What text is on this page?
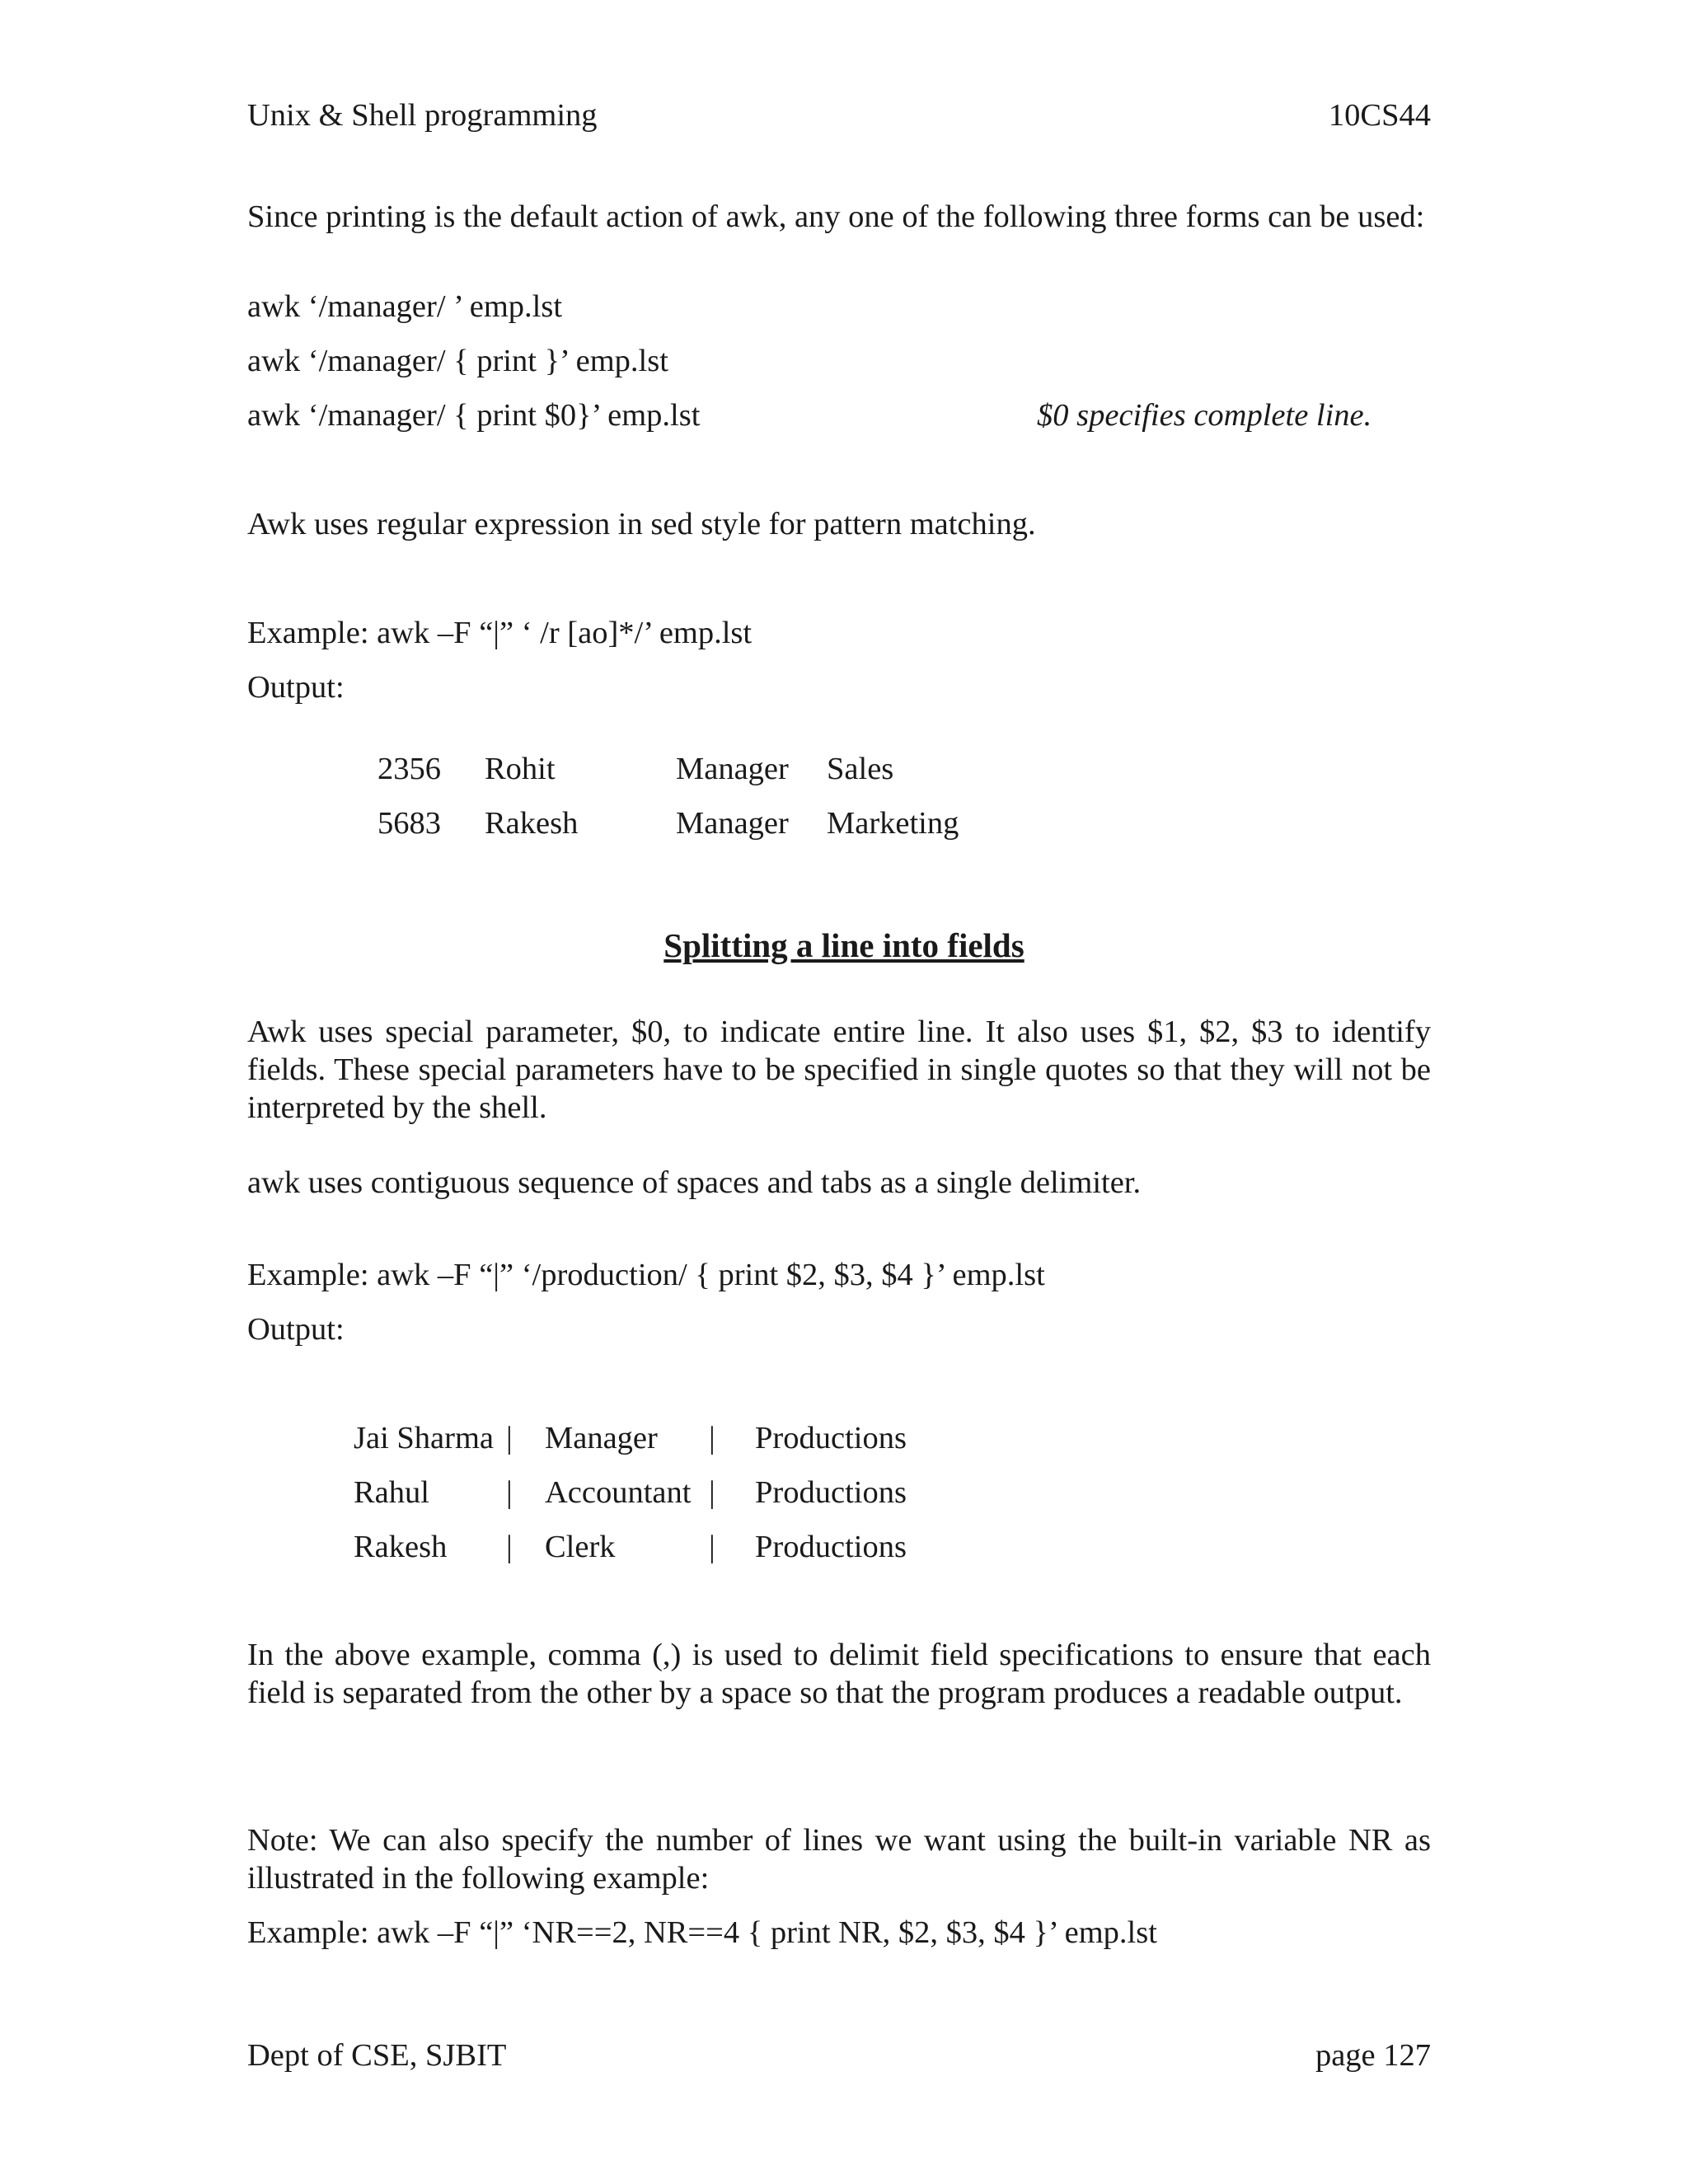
Unix & Shell programming	10CS44
Since printing is the default action of awk, any one of the following three forms can be used:
awk ‘/manager/ ’ emp.lst
awk ‘/manager/ { print }’ emp.lst
awk ‘/manager/ { print $0}’ emp.lst	$0 specifies complete line.
Awk uses regular expression in sed style for pattern matching.
Example: awk –F “|” ‘ /r [ao]*/’ emp.lst
Output:
2356 Rohit	Manager Sales
5683 Rakesh	Manager Marketing
Splitting a line into fields
Awk uses special parameter, $0, to indicate entire line. It also uses $1, $2, $3 to identify fields. These special parameters have to be specified in single quotes so that they will not be interpreted by the shell.
awk uses contiguous sequence of spaces and tabs as a single delimiter.
Example: awk –F “|” ‘/production/ { print $2, $3, $4 }’ emp.lst
Output:
Jai Sharma | Manager | Productions
Rahul | Accountant | Productions
Rakesh | Clerk	| Productions
In the above example, comma (,) is used to delimit field specifications to ensure that each field is separated from the other by a space so that the program produces a readable output.
Note: We can also specify the number of lines we want using the built-in variable NR as illustrated in the following example:
Example: awk –F “|” ‘NR==2, NR==4 { print NR, $2, $3, $4 }’ emp.lst
Dept of CSE, SJBIT	page 127
